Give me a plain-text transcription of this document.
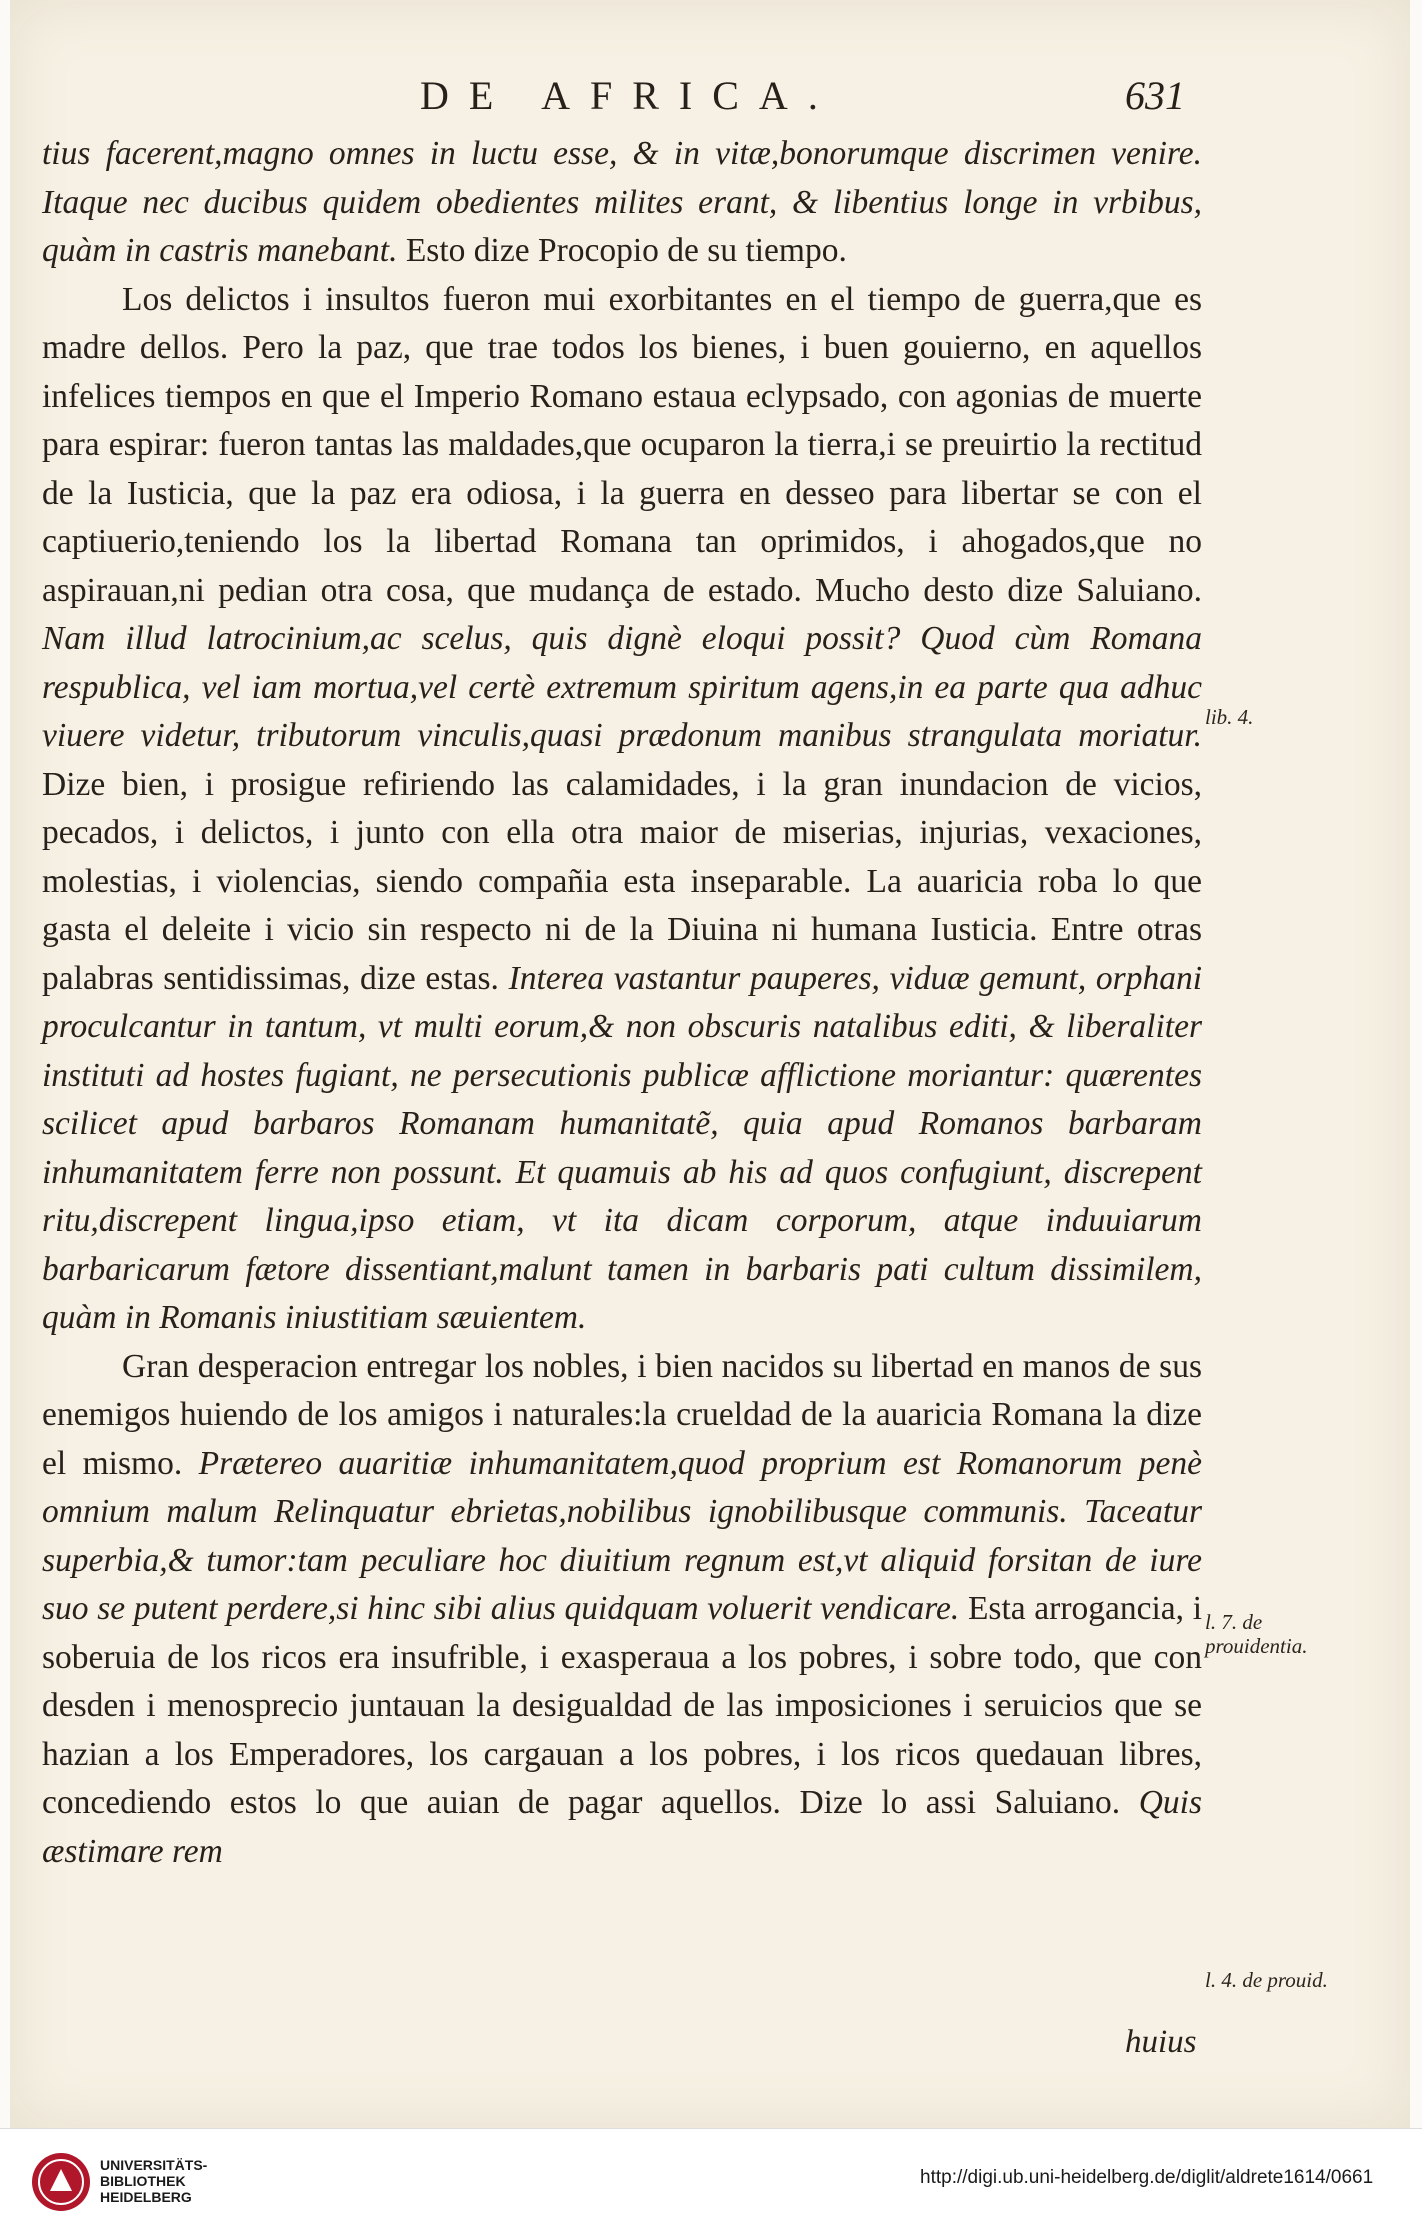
DE AFRICA.	631

tius facerent,magno omnes in luctu esse, & in vitæ,bonorumque discrimen venire. Itaque nec ducibus quidem obedientes milites erant, & libentius longe in vrbibus, quàm in castris manebant. Esto dize Procopio de su tiempo.

Los delictos i insultos fueron mui exorbitantes en el tiempo de guerra,que es madre dellos. Pero la paz, que trae todos los bienes, i buen gouierno, en aquellos infelices tiempos en que el Imperio Romano estaua eclypsado, con agonias de muerte para espirar: fueron tantas las maldades,que ocuparon la tierra,i se preuirtio la rectitud de la Iusticia, que la paz era odiosa, i la guerra en desseo para libertar se con el captiuerio,teniendo los la libertad Romana tan oprimidos, i ahogados,que no aspirauan,ni pedian otra cosa, que mudança de estado. Mucho desto dize Saluiano. Nam illud latrocinium,ac scelus, quis dignè eloqui possit? Quod cùm Romana respublica, vel iam mortua,vel certè extremum spiritum agens,in ea parte qua adhuc viuere videtur, tributorum vinculis,quasi prædonum manibus strangulata moriatur. Dize bien, i prosigue refiriendo las calamidades, i la gran inundacion de vicios, pecados, i delictos, i junto con ella otra maior de miserias, injurias, vexaciones, molestias, i violencias, siendo compañia esta inseparable. La auaricia roba lo que gasta el deleite i vicio sin respecto ni de la Diuina ni humana Iusticia. Entre otras palabras sentidissimas, dize estas. Interea vastantur pauperes, viduæ gemunt, orphani proculcantur in tantum, vt multi eorum,& non obscuris natalibus editi, & liberaliter instituti ad hostes fugiant, ne persecutionis publicæ afflictione moriantur: quærentes scilicet apud barbaros Romanam humanitatẽ, quia apud Romanos barbaram inhumanitatem ferre non possunt. Et quamuis ab his ad quos confugiunt, discrepent ritu,discrepent lingua,ipso etiam, vt ita dicam corporum, atque induuiarum barbaricarum fætore dissentiant,malunt tamen in barbaris pati cultum dissimilem, quàm in Romanis iniustitiam sæuientem.

Gran desperacion entregar los nobles, i bien nacidos su libertad en manos de sus enemigos huiendo de los amigos i naturales:la crueldad de la auaricia Romana la dize el mismo. Prætereo auaritiæ inhumanitatem,quod proprium est Romanorum penè omnium malum Relinquatur ebrietas,nobilibus ignobilibusque communis. Taceatur superbia,& tumor:tam peculiare hoc diuitium regnum est,vt aliquid forsitan de iure suo se putent perdere,si hinc sibi alius quidquam voluerit vendicare. Esta arrogancia, i soberuia de los ricos era insufrible, i exasperaua a los pobres, i sobre todo, que con desden i menosprecio juntauan la desigualdad de las imposiciones i seruicios que se hazian a los Emperadores, los cargauan a los pobres, i los ricos quedauan libres, concediendo estos lo que auian de pagar aquellos. Dize lo assi Saluiano. Quis æstimare rem

lib. 4.
l. 7. de prouidentia.
l. 4. de prouid.
huius
UNIVERSITÄTS-
BIBLIOTHEK
HEIDELBERG
http://digi.ub.uni-heidelberg.de/diglit/aldrete1614/0661
